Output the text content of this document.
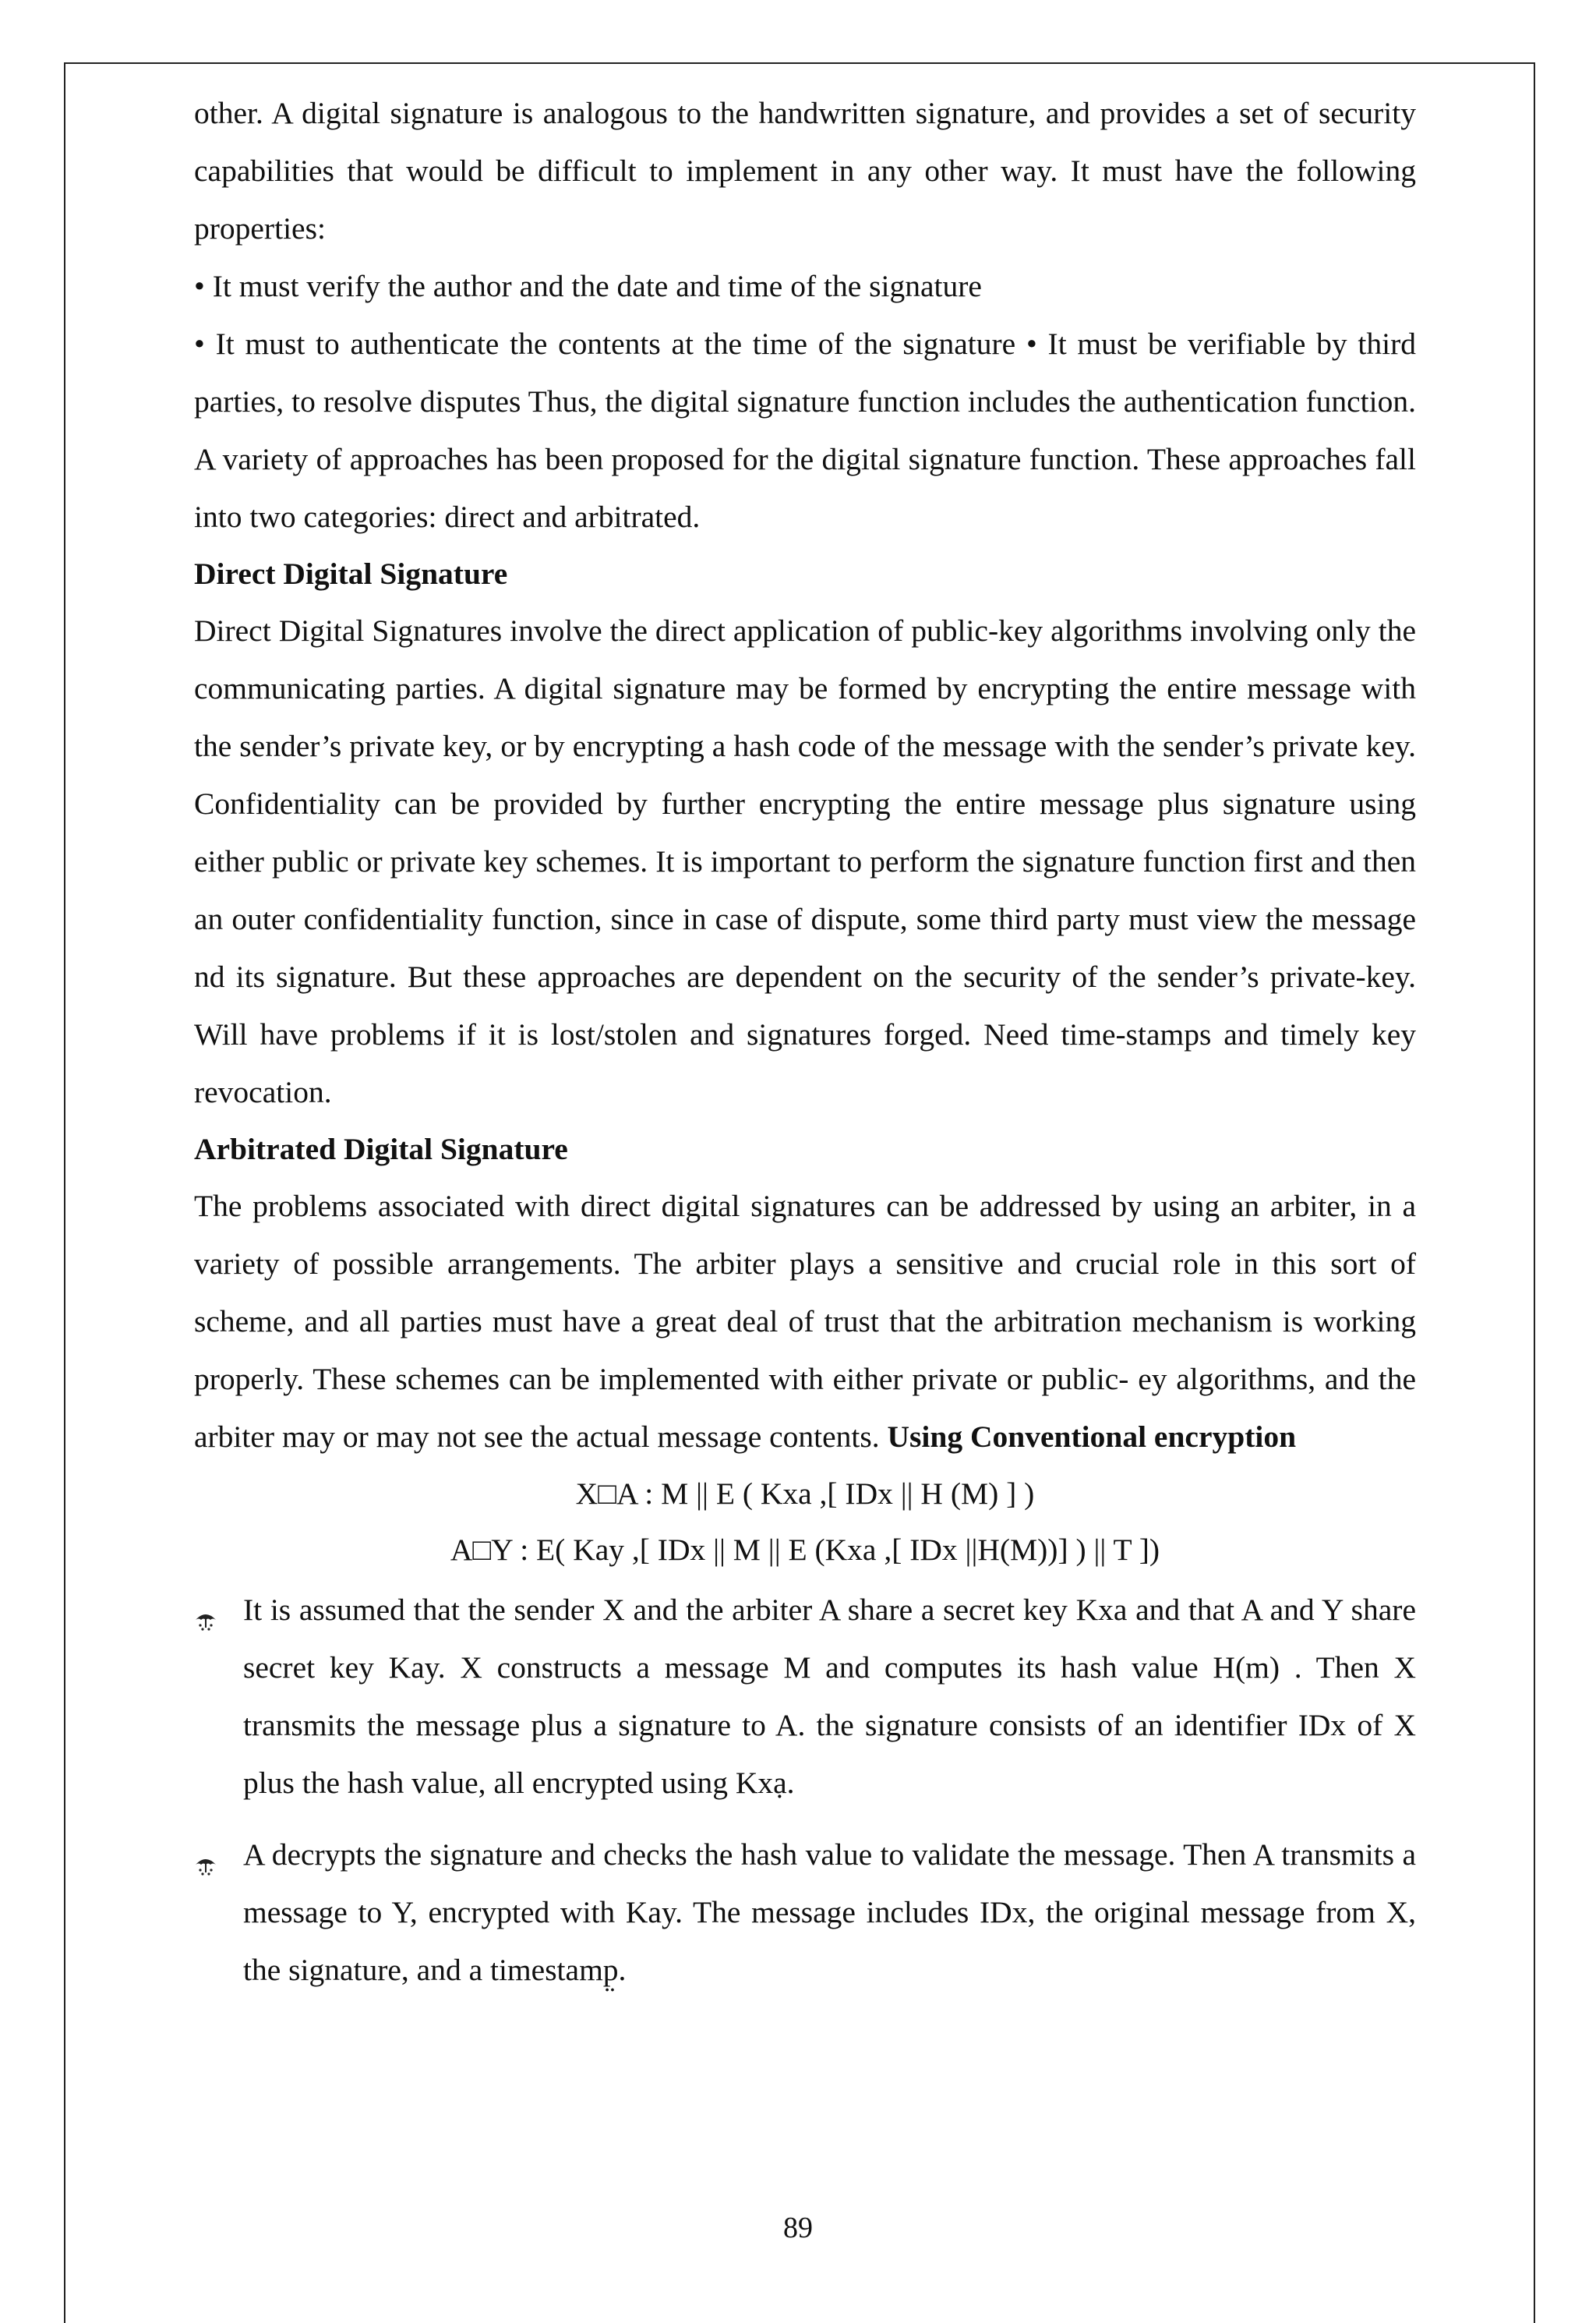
other. A digital signature is analogous to the handwritten signature, and provides a set of security capabilities that would be difficult to implement in any other way. It must have the following properties:

• It must verify the author and the date and time of the signature

• It must to authenticate the contents at the time of the signature • It must be verifiable by third parties, to resolve disputes Thus, the digital signature function includes the authentication function. A variety of approaches has been proposed for the digital signature function. These approaches fall into two categories: direct and arbitrated.

Direct Digital Signature

Direct Digital Signatures involve the direct application of public-key algorithms involving only the communicating parties. A digital signature may be formed by encrypting the entire message with the sender’s private key, or by encrypting a hash code of the message with the sender’s private key. Confidentiality can be provided by further encrypting the entire message plus signature using either public or private key schemes. It is important to perform the signature function first and then an outer confidentiality function, since in case of dispute, some third party must view the message nd its signature. But these approaches are dependent on the security of the sender’s private-key. Will have problems if it is lost/stolen and signatures forged. Need time-stamps and timely key revocation.

Arbitrated Digital Signature

The problems associated with direct digital signatures can be addressed by using an arbiter, in a variety of possible arrangements. The arbiter plays a sensitive and crucial role in this sort of scheme, and all parties must have a great deal of trust that the arbitration mechanism is working properly. These schemes can be implemented with either private or public- ey algorithms, and the arbiter may or may not see the actual message contents. Using Conventional encryption

X□A : M || E ( Kxa ,[ IDx || H (M) ] )

A□Y : E( Kay ,[ IDx || M || E (Kxa ,[ IDx ||H(M))] ) || T ])

It is assumed that the sender X and the arbiter A share a secret key Kxa and that A and Y share secret key Kay. X constructs a message M and computes its hash value H(m) . Then X transmits the message plus a signature to A. the signature consists of an identifier IDx of X plus the hash value, all encrypted using Kxạ.
A decrypts the signature and checks the hash value to validate the message. Then A transmits a message to Y, encrypted with Kay. The message includes IDx, the original message from X, the signature, and a timestamp̤.
89
